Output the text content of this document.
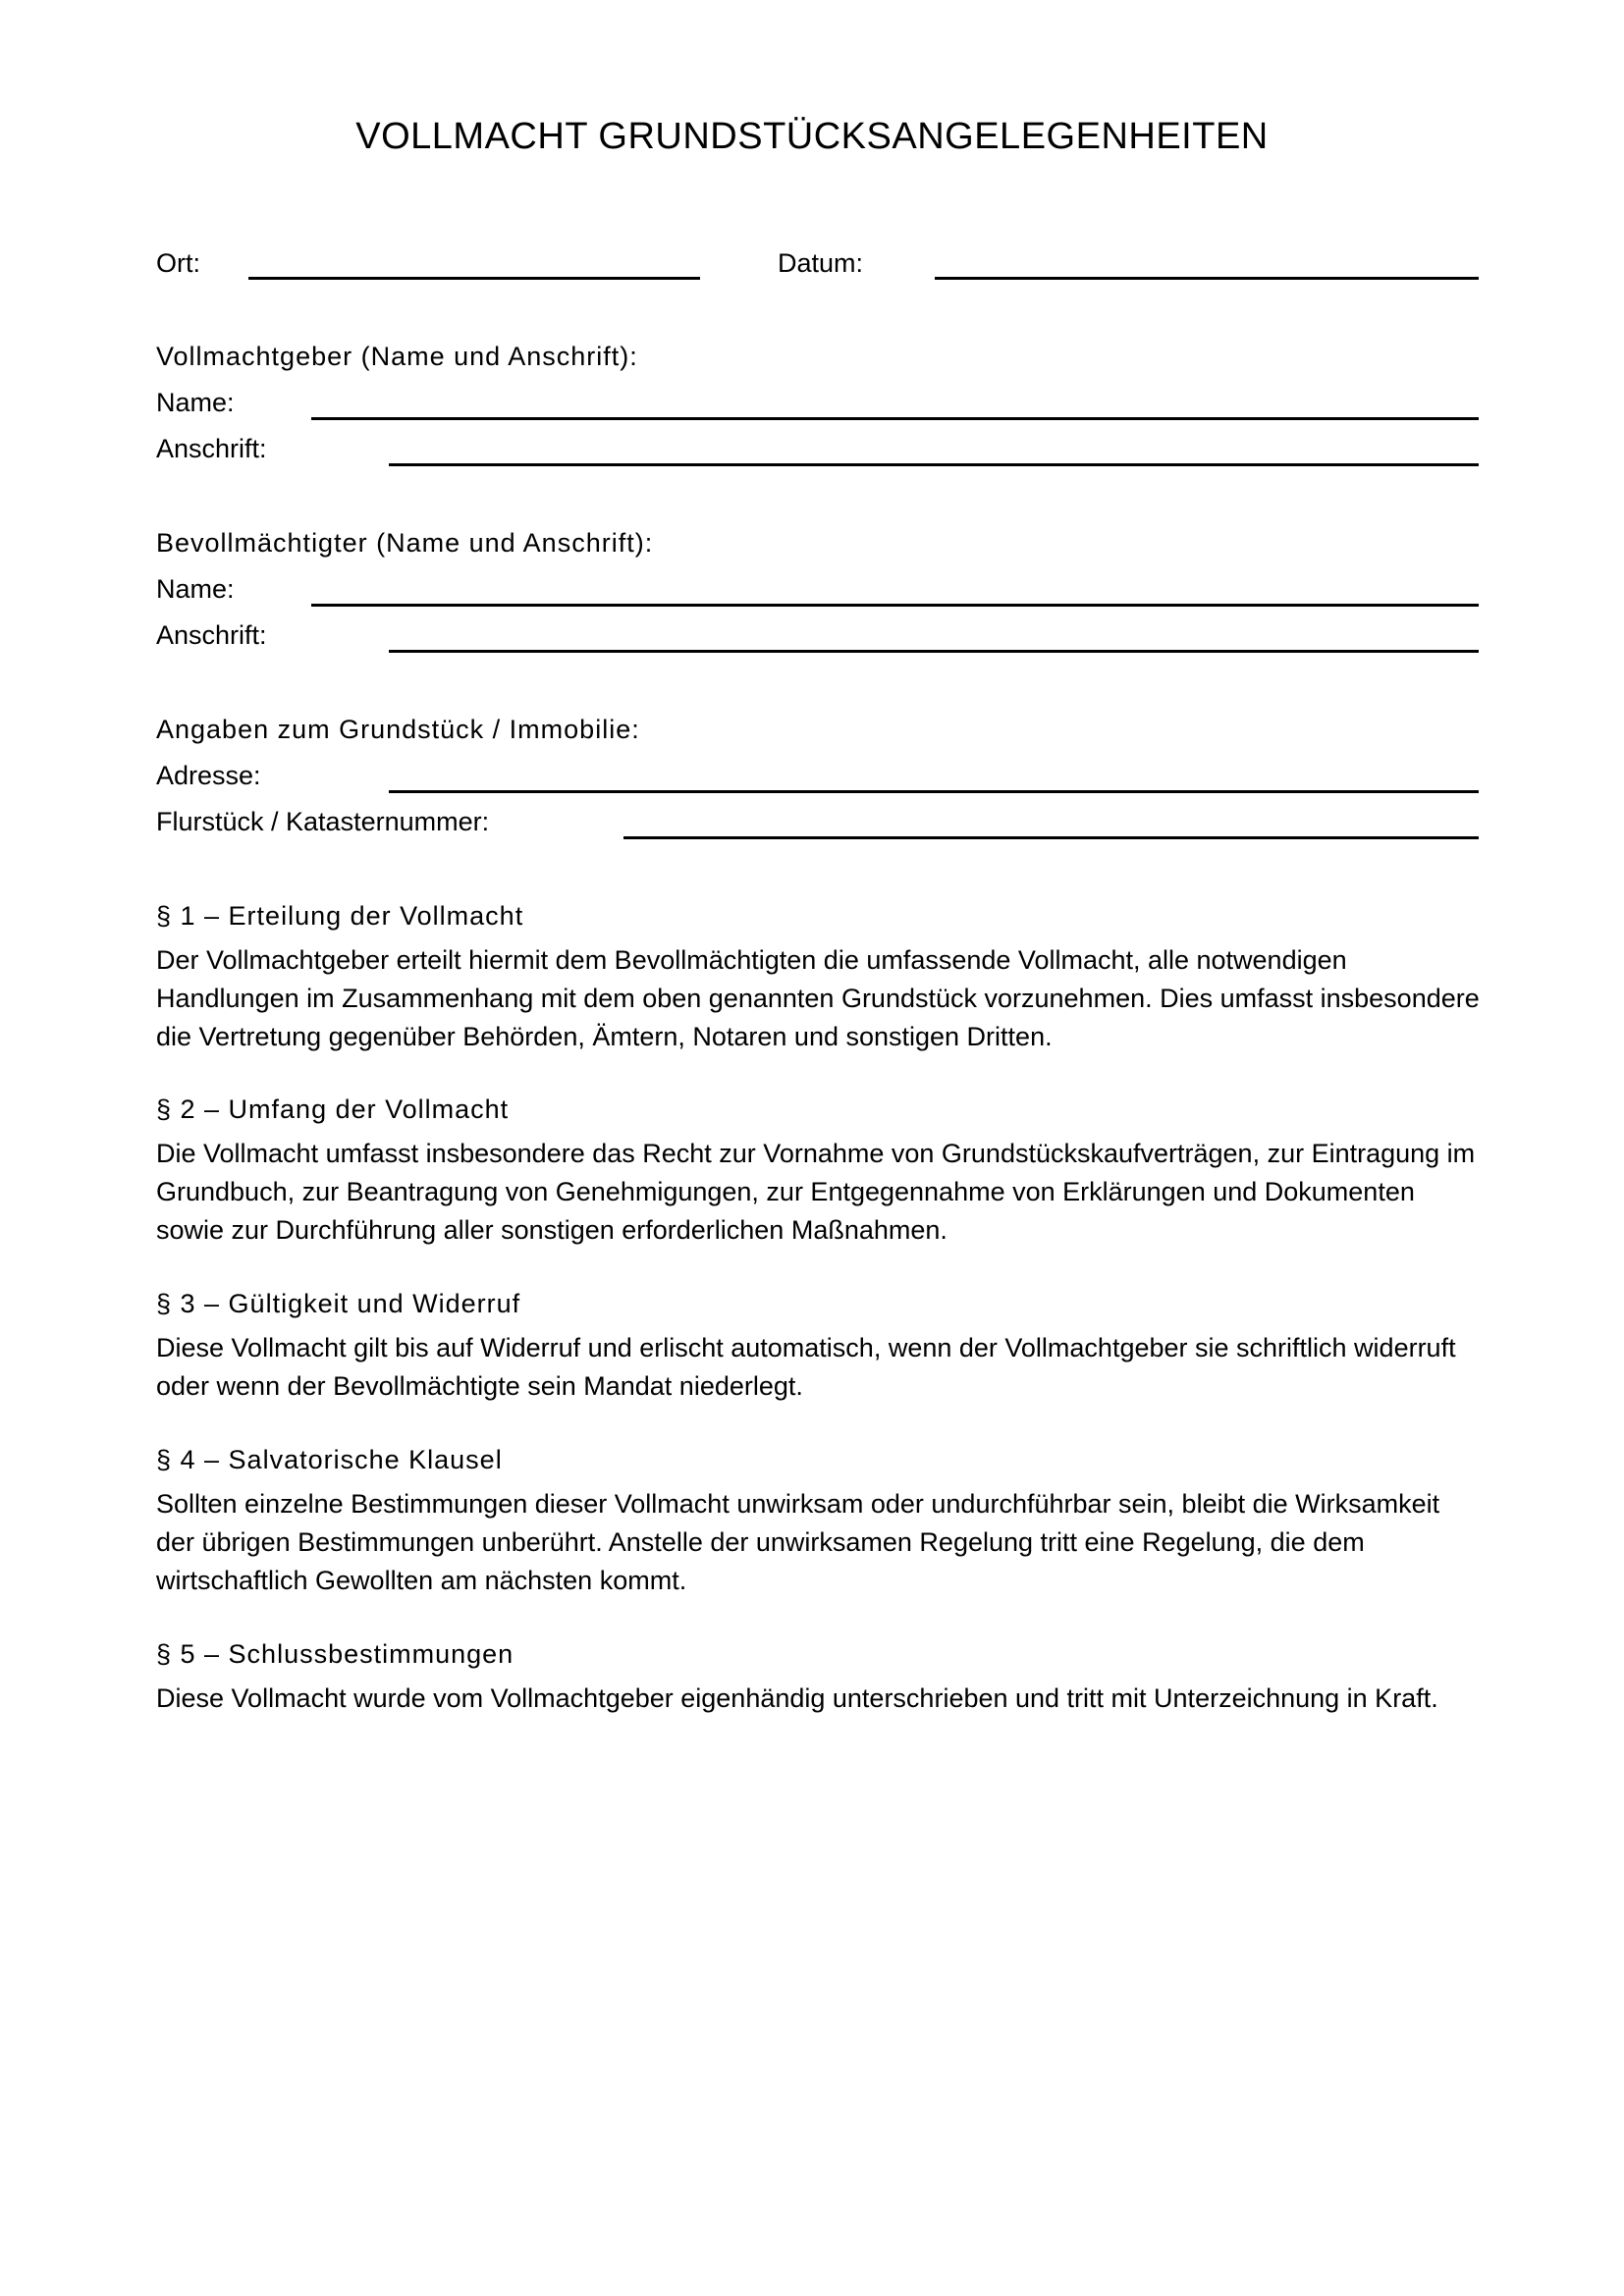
VOLLMACHT GRUNDSTÜCKSANGELEGENHEITEN
Ort:	Datum:
Vollmachtgeber (Name und Anschrift):
Name:
Anschrift:
Bevollmächtigter (Name und Anschrift):
Name:
Anschrift:
Angaben zum Grundstück / Immobilie:
Adresse:
Flurstück / Katasternummer:

§ 1 – Erteilung der Vollmacht

Der Vollmachtgeber erteilt hiermit dem Bevollmächtigten die umfassende Vollmacht, alle notwendigen Handlungen im Zusammenhang mit dem oben genannten Grundstück vorzunehmen. Dies umfasst insbesondere die Vertretung gegenüber Behörden, Ämtern, Notaren und sonstigen Dritten.

§ 2 – Umfang der Vollmacht

Die Vollmacht umfasst insbesondere das Recht zur Vornahme von Grundstückskaufverträgen, zur Eintragung im Grundbuch, zur Beantragung von Genehmigungen, zur Entgegennahme von Erklärungen und Dokumenten sowie zur Durchführung aller sonstigen erforderlichen Maßnahmen.

§ 3 – Gültigkeit und Widerruf

Diese Vollmacht gilt bis auf Widerruf und erlischt automatisch, wenn der Vollmachtgeber sie schriftlich widerruft oder wenn der Bevollmächtigte sein Mandat niederlegt.

§ 4 – Salvatorische Klausel

Sollten einzelne Bestimmungen dieser Vollmacht unwirksam oder undurchführbar sein, bleibt die Wirksamkeit der übrigen Bestimmungen unberührt. Anstelle der unwirksamen Regelung tritt eine Regelung, die dem wirtschaftlich Gewollten am nächsten kommt.

§ 5 – Schlussbestimmungen

Diese Vollmacht wurde vom Vollmachtgeber eigenhändig unterschrieben und tritt mit Unterzeichnung in Kraft.
